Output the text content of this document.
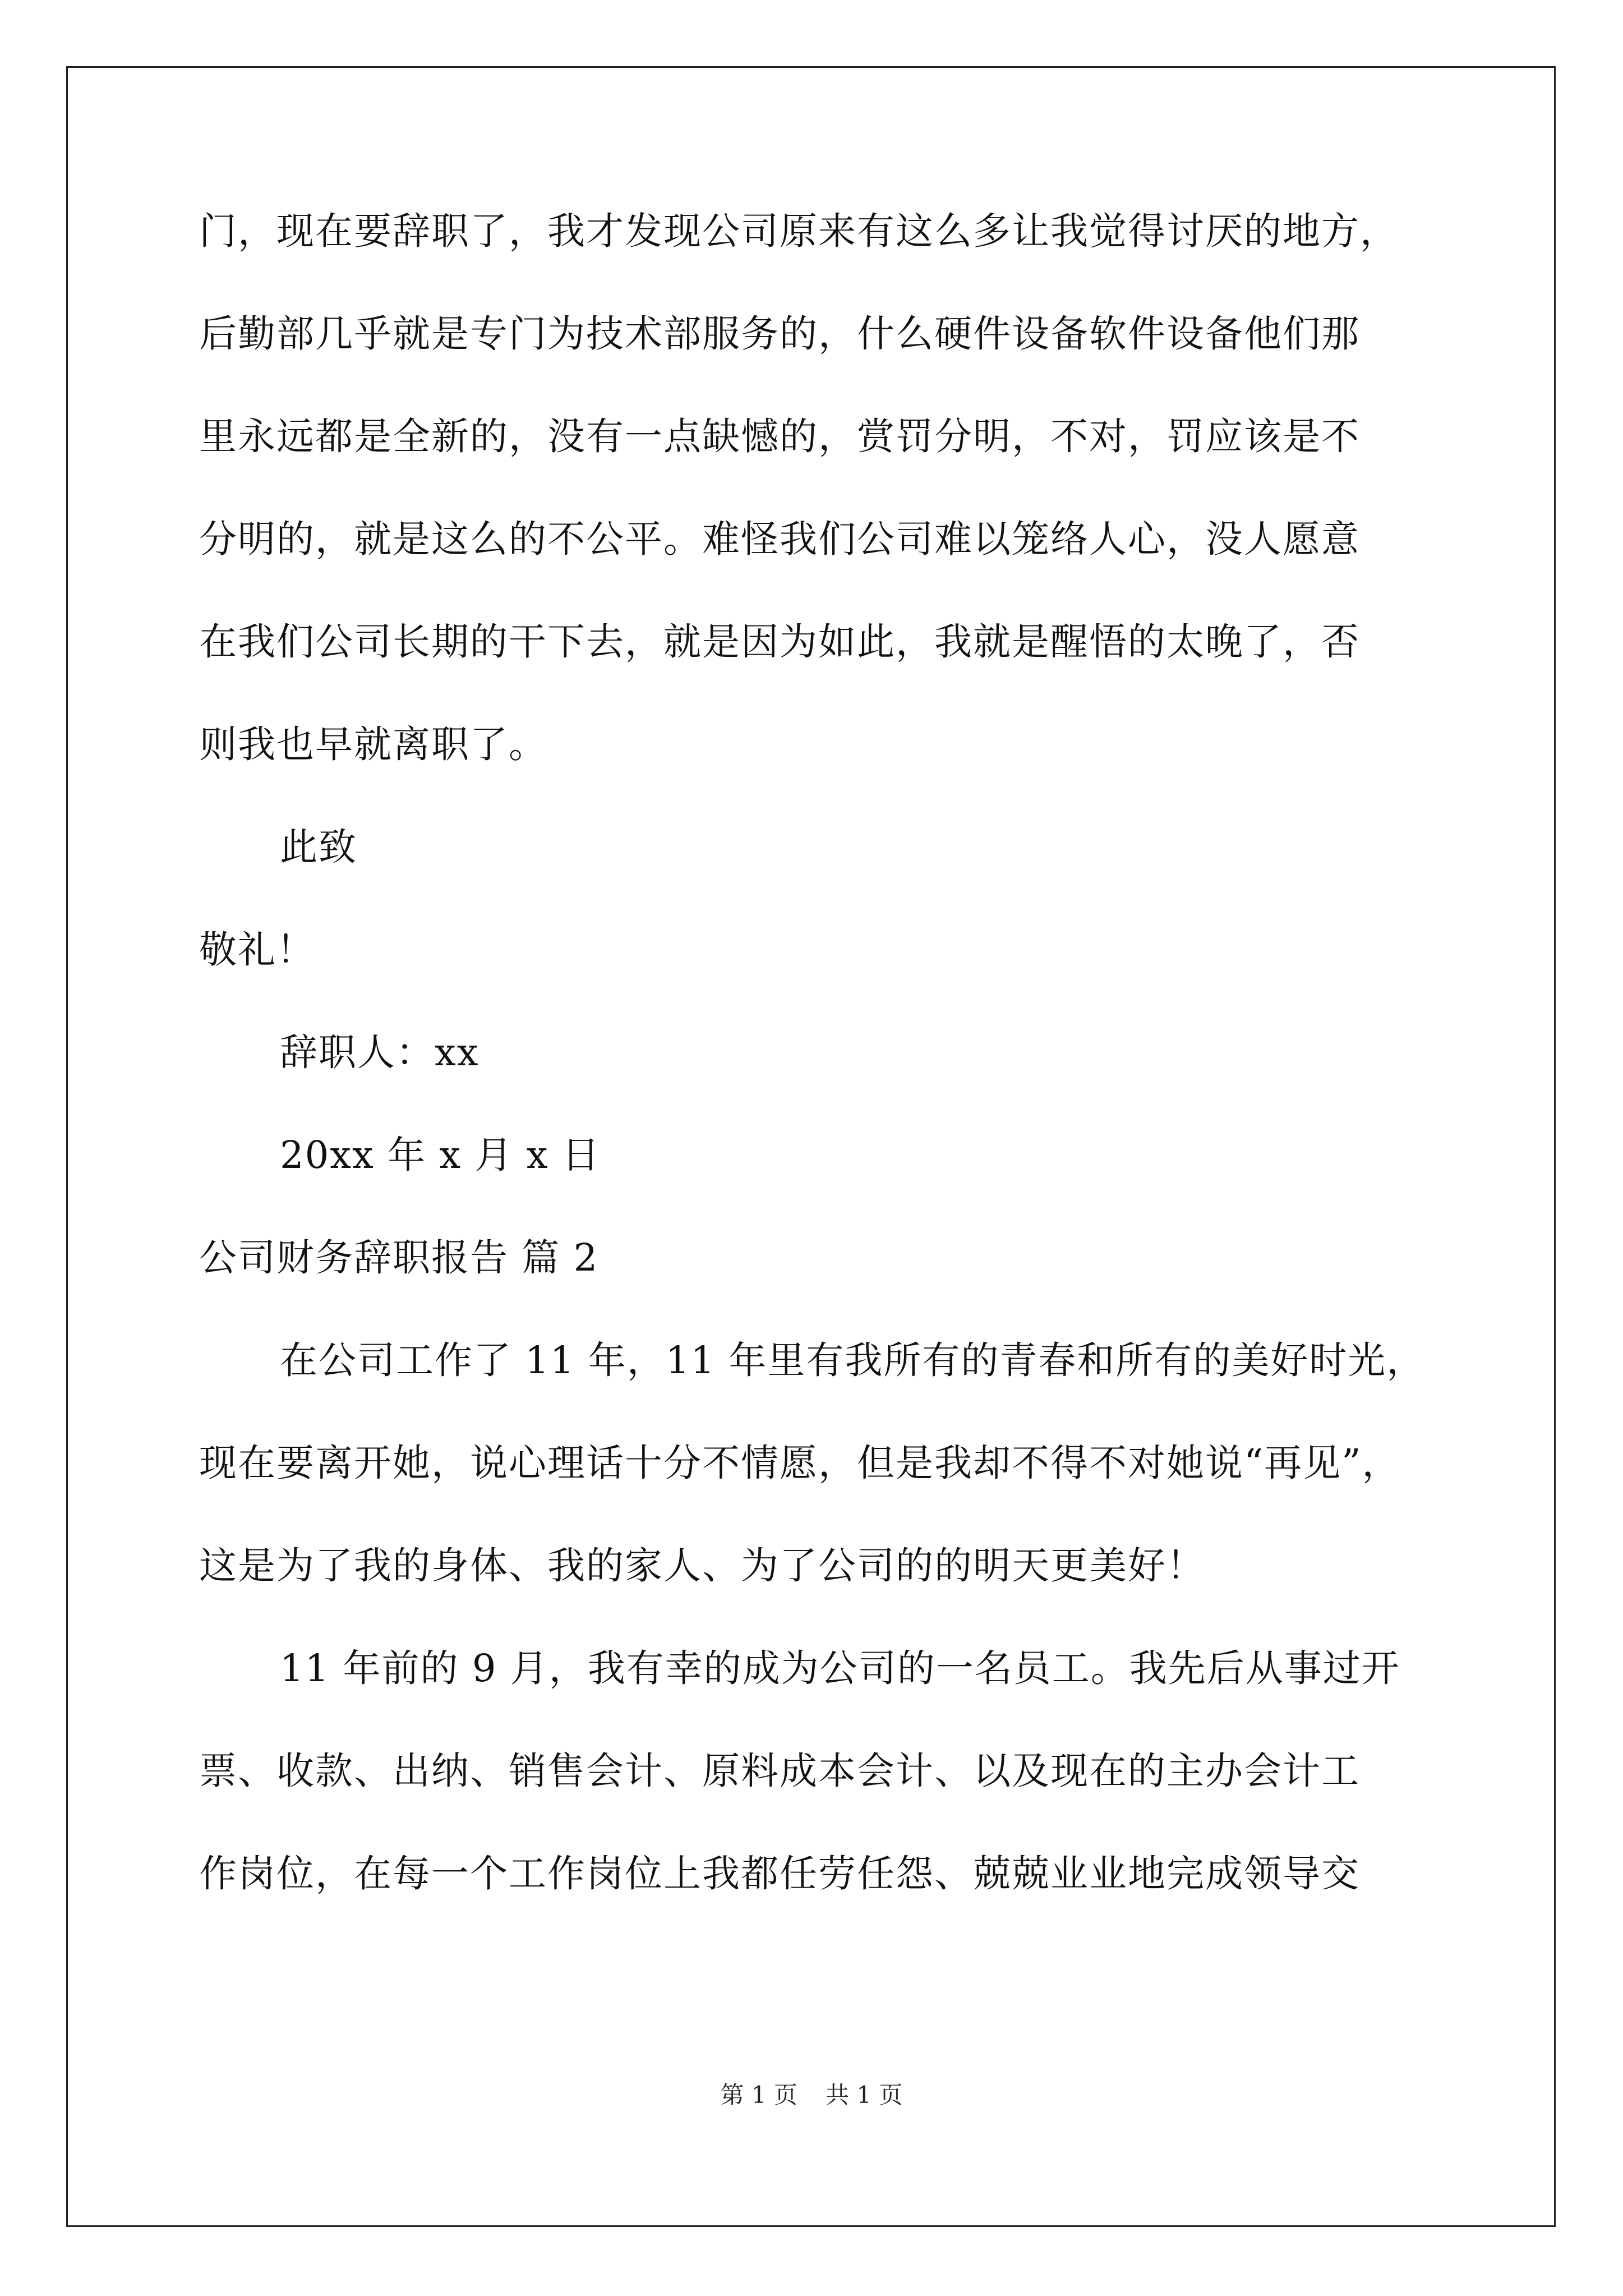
门，现在要辞职了，我才发现公司原来有这么多让我觉得讨厌的地方，
后勤部几乎就是专门为技术部服务的，什么硬件设备软件设备他们那
里永远都是全新的，没有一点缺憾的，赏罚分明，不对，罚应该是不
分明的，就是这么的不公平。难怪我们公司难以笼络人心，没人愿意
在我们公司长期的干下去，就是因为如此，我就是醒悟的太晚了，否
则我也早就离职了。
此致
敬礼！
辞职人：xx
20xx 年 x 月 x 日
公司财务辞职报告 篇 2
在公司工作了 11 年，11 年里有我所有的青春和所有的美好时光，
现在要离开她，说心理话十分不情愿，但是我却不得不对她说“再见”，
这是为了我的身体、我的家人、为了公司的的明天更美好！
11 年前的 9 月，我有幸的成为公司的一名员工。我先后从事过开
票、收款、出纳、销售会计、原料成本会计、以及现在的主办会计工
作岗位，在每一个工作岗位上我都任劳任怨、兢兢业业地完成领导交
第 1 页 共 1 页
